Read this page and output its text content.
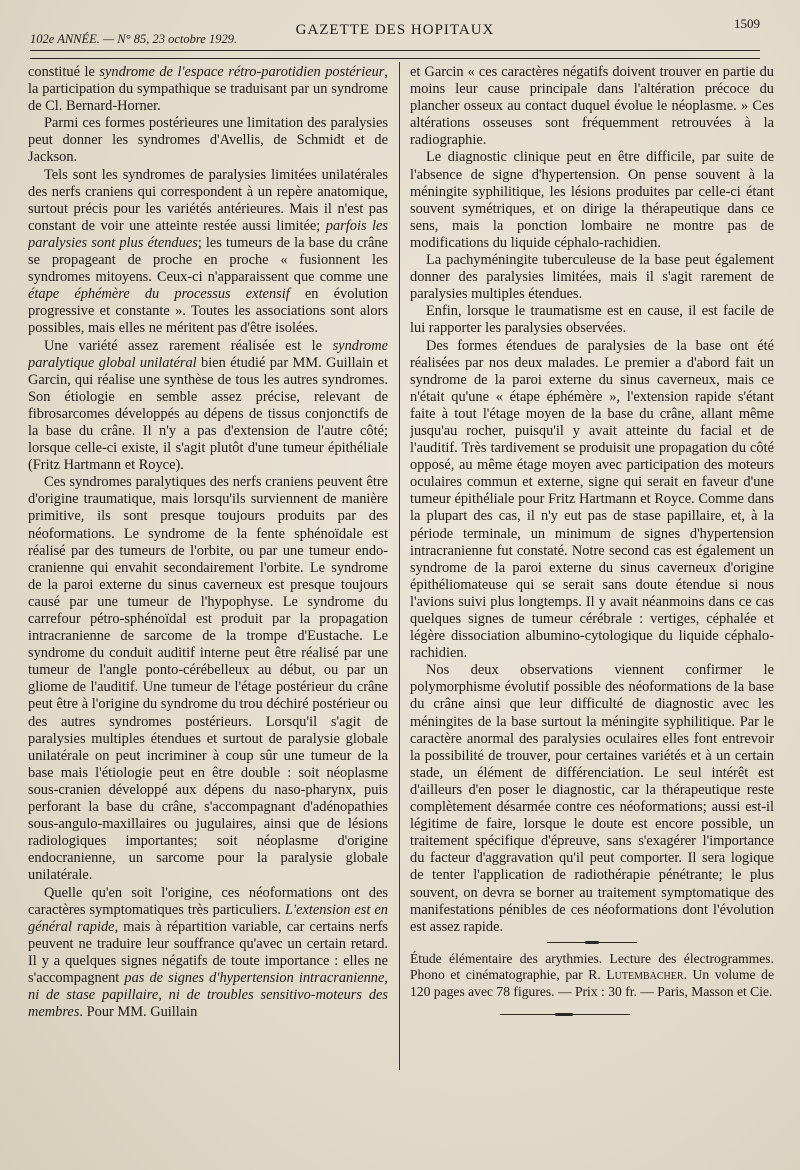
102e ANNÉE. — N° 85, 23 octobre 1929.
GAZETTE DES HOPITAUX	1509

constitué le syndrome de l'espace rétro-parotidien postérieur, la participation du sympathique se traduisant par un syndrome de Cl. Bernard-Horner.

Parmi ces formes postérieures une limitation des paralysies peut donner les syndromes d'Avellis, de Schmidt et de Jackson.

Tels sont les syndromes de paralysies limitées unilatérales des nerfs craniens qui correspondent à un repère anatomique, surtout précis pour les variétés antérieures. Mais il n'est pas constant de voir une atteinte restée aussi limitée; parfois les paralysies sont plus étendues; les tumeurs de la base du crâne se propageant de proche en proche « fusionnent les syndromes mitoyens. Ceux-ci n'apparaissent que comme une étape éphémère du processus extensif en évolution progressive et constante ». Toutes les associations sont alors possibles, mais elles ne méritent pas d'être isolées.

Une variété assez rarement réalisée est le syndrome paralytique global unilatéral bien étudié par MM. Guillain et Garcin, qui réalise une synthèse de tous les autres syndromes. Son étiologie en semble assez précise, relevant de fibrosarcomes développés au dépens de tissus conjonctifs de la base du crâne. Il n'y a pas d'extension de l'autre côté; lorsque celle-ci existe, il s'agit plutôt d'une tumeur épithéliale (Fritz Hartmann et Royce).

Ces syndromes paralytiques des nerfs craniens peuvent être d'origine traumatique, mais lorsqu'ils surviennent de manière primitive, ils sont presque toujours produits par des néoformations. Le syndrome de la fente sphénoïdale est réalisé par des tumeurs de l'orbite, ou par une tumeur endo-cranienne qui envahit secondairement l'orbite. Le syndrome de la paroi externe du sinus caverneux est presque toujours causé par une tumeur de l'hypophyse. Le syndrome du carrefour pétro-sphénoïdal est produit par la propagation intracranienne de sarcome de la trompe d'Eustache. Le syndrome du conduit auditif interne peut être réalisé par une tumeur de l'angle ponto-cérébelleux au début, ou par un gliome de l'auditif. Une tumeur de l'étage postérieur du crâne peut être à l'origine du syndrome du trou déchiré postérieur ou des autres syndromes postérieurs. Lorsqu'il s'agit de paralysies multiples étendues et surtout de paralysie globale unilatérale on peut incriminer à coup sûr une tumeur de la base mais l'étiologie peut en être double : soit néoplasme sous-cranien développé aux dépens du naso-pharynx, puis perforant la base du crâne, s'accompagnant d'adénopathies sous-angulo-maxillaires ou jugulaires, ainsi que de lésions radiologiques importantes; soit néoplasme d'origine endocranienne, un sarcome pour la paralysie globale unilatérale.

Quelle qu'en soit l'origine, ces néoformations ont des caractères symptomatiques très particuliers. L'extension est en général rapide, mais à répartition variable, car certains nerfs peuvent ne traduire leur souffrance qu'avec un certain retard. Il y a quelques signes négatifs de toute importance : elles ne s'accompagnent pas de signes d'hypertension intracranienne, ni de stase papillaire, ni de troubles sensitivo-moteurs des membres. Pour MM. Guillain

et Garcin « ces caractères négatifs doivent trouver en partie du moins leur cause principale dans l'altération précoce du plancher osseux au contact duquel évolue le néoplasme. » Ces altérations osseuses sont fréquemment retrouvées à la radiographie.

Le diagnostic clinique peut en être difficile, par suite de l'absence de signe d'hypertension. On pense souvent à la méningite syphilitique, les lésions produites par celle-ci étant souvent symétriques, et on dirige la thérapeutique dans ce sens, mais la ponction lombaire ne montre pas de modifications du liquide céphalo-rachidien.

La pachyméningite tuberculeuse de la base peut également donner des paralysies limitées, mais il s'agit rarement de paralysies multiples étendues.

Enfin, lorsque le traumatisme est en cause, il est facile de lui rapporter les paralysies observées.

Des formes étendues de paralysies de la base ont été réalisées par nos deux malades. Le premier a d'abord fait un syndrome de la paroi externe du sinus caverneux, mais ce n'était qu'une « étape éphémère », l'extension rapide s'étant faite à tout l'étage moyen de la base du crâne, allant même jusqu'au rocher, puisqu'il y avait atteinte du facial et de l'auditif. Très tardivement se produisit une propagation du côté opposé, au même étage moyen avec participation des moteurs oculaires commun et externe, signe qui serait en faveur d'une tumeur épithéliale pour Fritz Hartmann et Royce. Comme dans la plupart des cas, il n'y eut pas de stase papillaire, et, à la période terminale, un minimum de signes d'hypertension intracranienne fut constaté. Notre second cas est également un syndrome de la paroi externe du sinus caverneux d'origine épithéliomateuse qui se serait sans doute étendue si nous l'avions suivi plus longtemps. Il y avait néanmoins dans ce cas quelques signes de tumeur cérébrale : vertiges, céphalée et légère dissociation albumino-cytologique du liquide céphalo-rachidien.

Nos deux observations viennent confirmer le polymorphisme évolutif possible des néoformations de la base du crâne ainsi que leur difficulté de diagnostic avec les méningites de la base surtout la méningite syphilitique. Par le caractère anormal des paralysies oculaires elles font entrevoir la possibilité de trouver, pour certaines variétés et à un certain stade, un élément de différenciation. Le seul intérêt est d'ailleurs d'en poser le diagnostic, car la thérapeutique reste complètement désarmée contre ces néoformations; aussi est-il légitime de faire, lorsque le doute est encore possible, un traitement spécifique d'épreuve, sans s'exagérer l'importance du facteur d'aggravation qu'il peut comporter. Il sera logique de tenter l'application de radiothérapie pénétrante; le plus souvent, on devra se borner au traitement symptomatique des manifestations pénibles de ces néoformations dont l'évolution est assez rapide.

Étude élémentaire des arythmies. Lecture des électrogrammes. Phono et cinématographie, par R. Lutembacher. Un volume de 120 pages avec 78 figures. — Prix : 30 fr. — Paris, Masson et Cie.
